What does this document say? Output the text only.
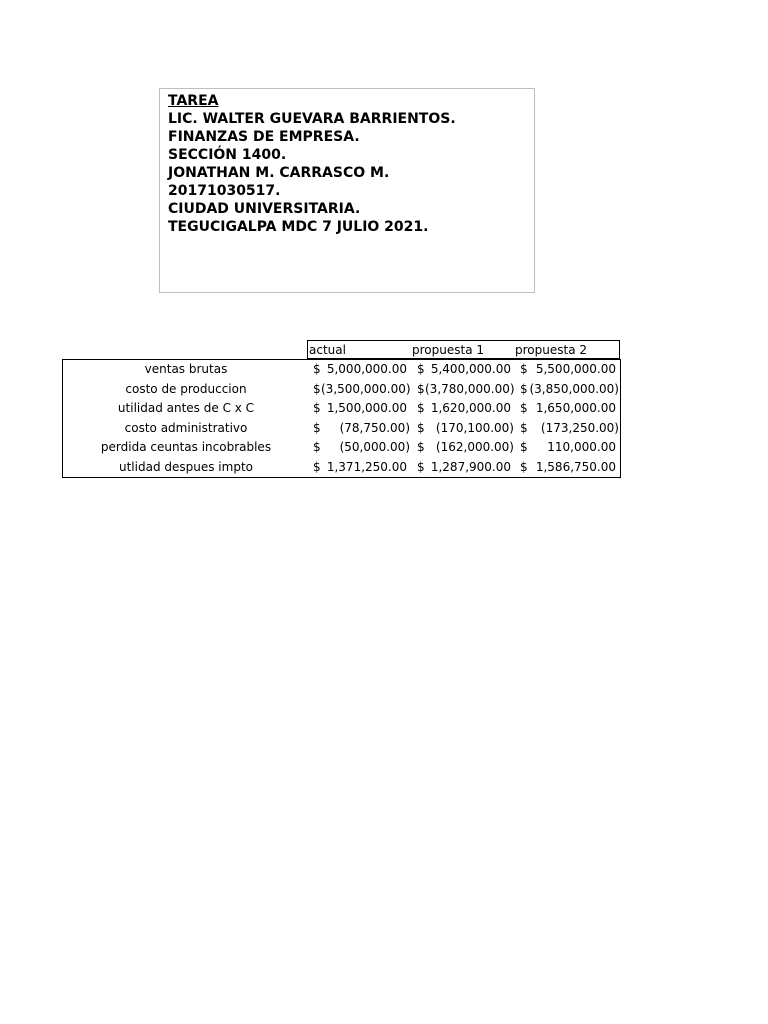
TAREA
LIC. WALTER GUEVARA BARRIENTOS.
FINANZAS DE EMPRESA.
SECCIÓN 1400.
JONATHAN M. CARRASCO M.
20171030517.
CIUDAD UNIVERSITARIA.
TEGUCIGALPA MDC 7 JULIO 2021.
actual	propuesta 1	propuesta 2
ventas brutas	$ 5,000,000.00 $ 5,400,000.00 $ 5,500,000.00
costo de produccion	$ (3,500,000.00) $ (3,780,000.00) $ (3,850,000.00)
utilidad antes de C x C	$ 1,500,000.00 $ 1,620,000.00 $ 1,650,000.00
costo administrativo	$	(78,750.00) $ (170,100.00) $	(173,250.00)
perdida ceuntas incobrables	$	(50,000.00) $ (162,000.00) $	110,000.00
utlidad despues impto	$ 1,371,250.00 $ 1,287,900.00 $ 1,586,750.00
